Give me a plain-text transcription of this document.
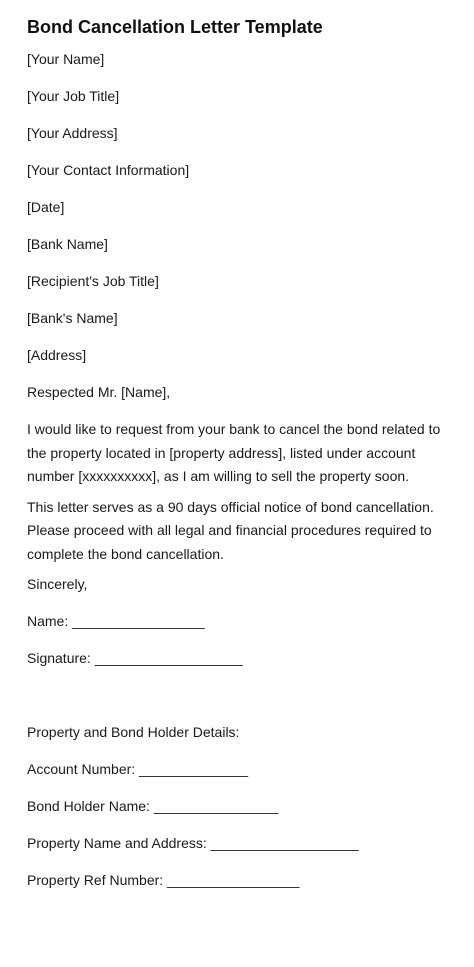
Bond Cancellation Letter Template
[Your Name]
[Your Job Title]
[Your Address]
[Your Contact Information]
[Date]
[Bank Name]
[Recipient's Job Title]
[Bank's Name]
[Address]
Respected Mr. [Name],
I would like to request from your bank to cancel the bond related to the property located in [property address], listed under account number [xxxxxxxxxx], as I am willing to sell the property soon.
This letter serves as a 90 days official notice of bond cancellation. Please proceed with all legal and financial procedures required to complete the bond cancellation.
Sincerely,
Name: _________________
Signature: ___________________
Property and Bond Holder Details:
Account Number: ______________
Bond Holder Name: ________________
Property Name and Address: ___________________
Property Ref Number: _________________
